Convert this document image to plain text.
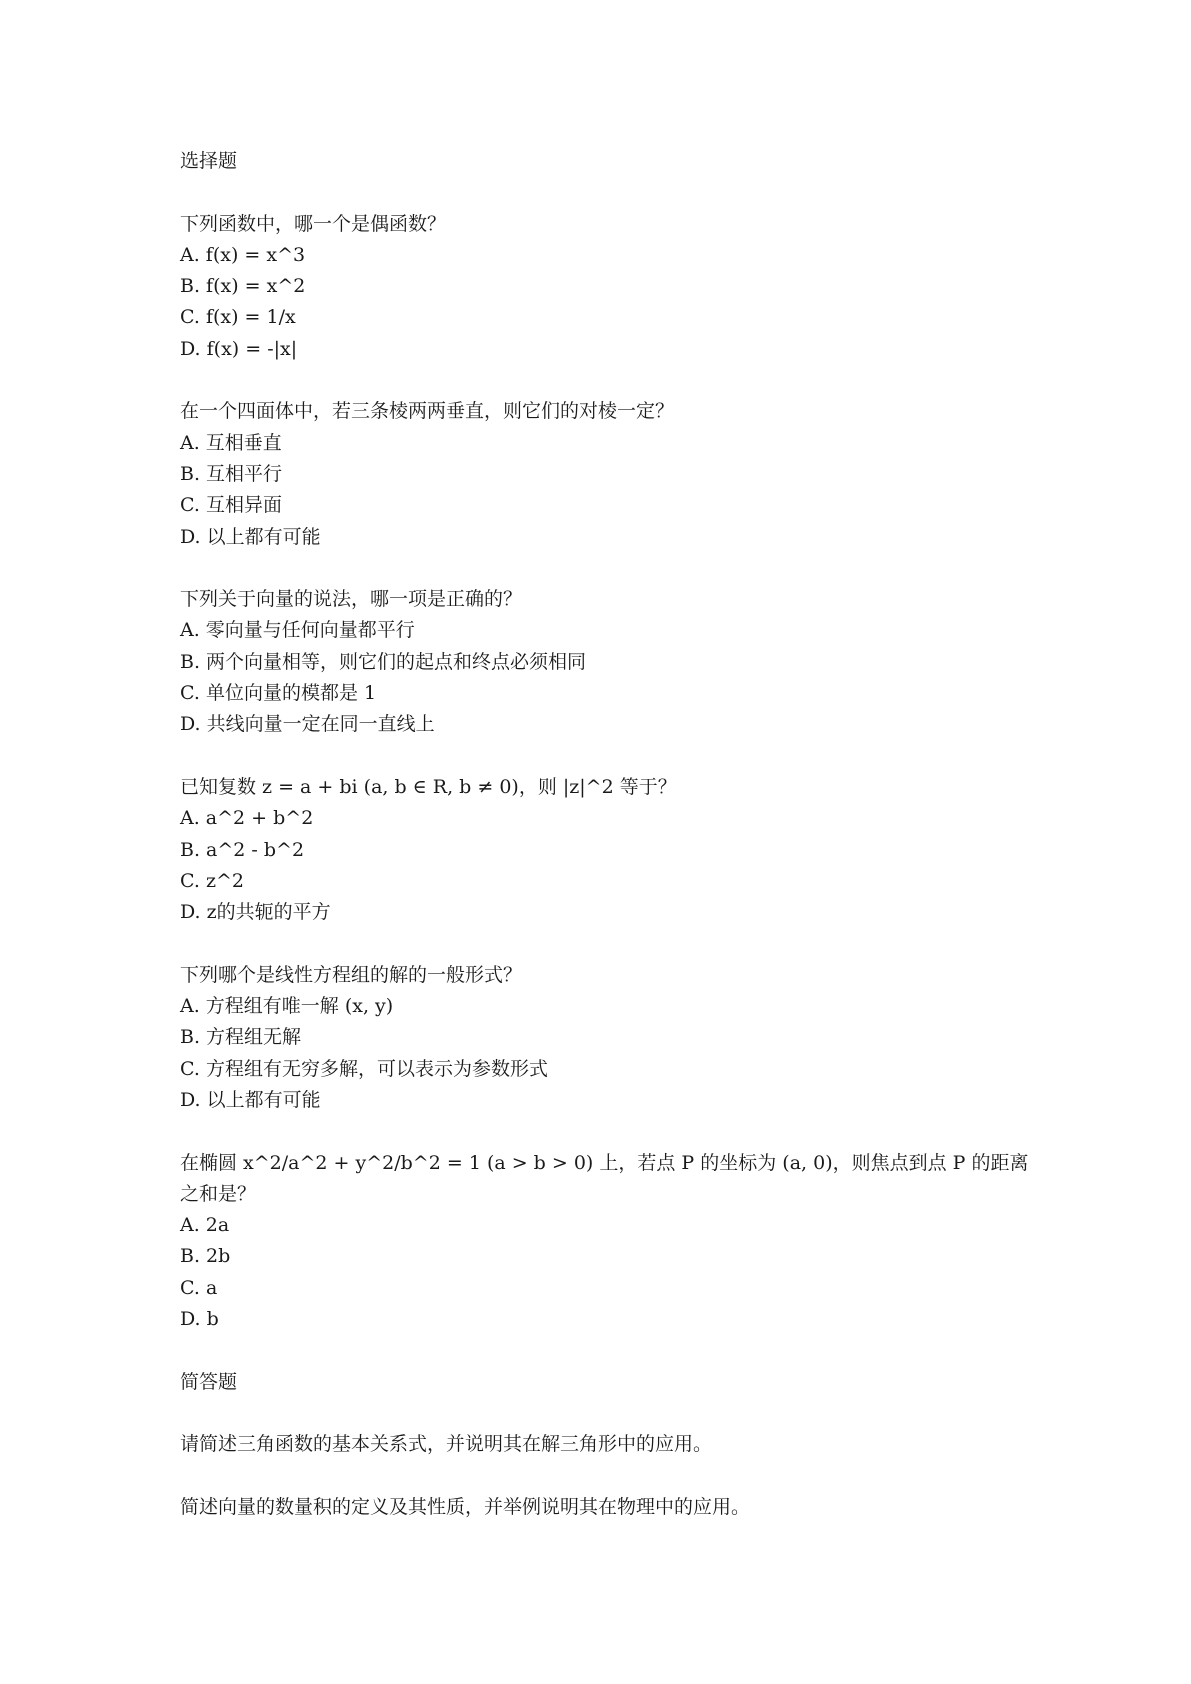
选择题

下列函数中，哪一个是偶函数？

A. f(x) = x^3
B. f(x) = x^2
C. f(x) = 1/x
D. f(x) = -|x|

在一个四面体中，若三条棱两两垂直，则它们的对棱一定？

A. 互相垂直
B. 互相平行
C. 互相异面
D. 以上都有可能

下列关于向量的说法，哪一项是正确的？

A. 零向量与任何向量都平行
B. 两个向量相等，则它们的起点和终点必须相同
C. 单位向量的模都是 1
D. 共线向量一定在同一直线上

已知复数 z = a + bi (a, b ∈ R, b ≠ 0)，则 |z|^2 等于？

A. a^2 + b^2
B. a^2 - b^2
C. z^2
D. z的共轭的平方

下列哪个是线性方程组的解的一般形式？

A. 方程组有唯一解 (x, y)
B. 方程组无解
C. 方程组有无穷多解，可以表示为参数形式
D. 以上都有可能

在椭圆 x^2/a^2 + y^2/b^2 = 1 (a > b > 0) 上，若点 P 的坐标为 (a, 0)，则焦点到点 P 的距离之和是？

A. 2a
B. 2b
C. a
D. b

简答题

请简述三角函数的基本关系式，并说明其在解三角形中的应用。

简述向量的数量积的定义及其性质，并举例说明其在物理中的应用。
